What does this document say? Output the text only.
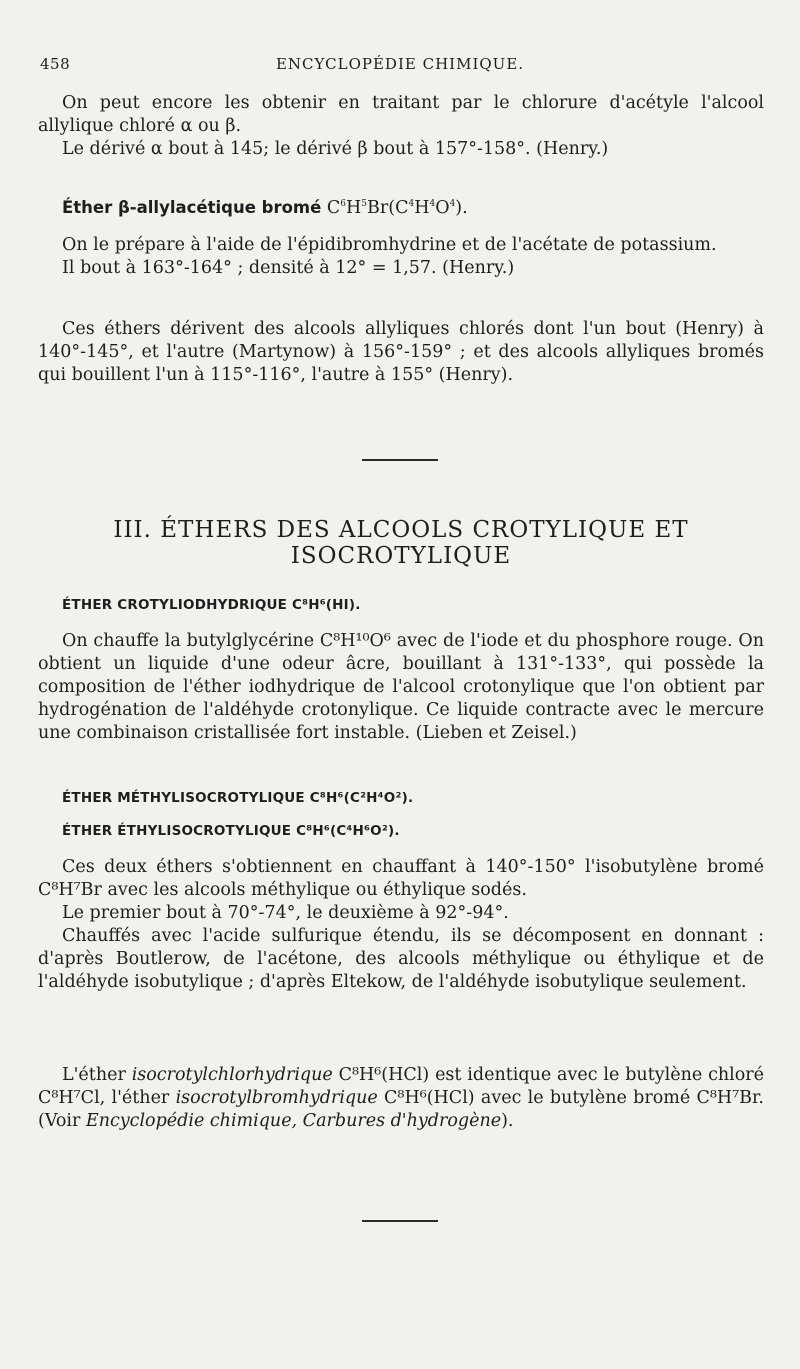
458	ENCYCLOPÉDIE CHIMIQUE.

On peut encore les obtenir en traitant par le chlorure d'acétyle l'alcool allylique chloré α ou β.

Le dérivé α bout à 145; le dérivé β bout à 157°-158°. (Henry.)

Éther β-allylacétique bromé $C^6H^5Br(C^4H^4O^4)$.

On le prépare à l'aide de l'épidibromhydrine et de l'acétate de potassium.

Il bout à 163°-164° ; densité à 12° = 1,57. (Henry.)

Ces éthers dérivent des alcools allyliques chlorés dont l'un bout (Henry) à 140°-145°, et l'autre (Martynow) à 156°-159° ; et des alcools allyliques bromés qui bouillent l'un à 115°-116°, l'autre à 155° (Henry).

III. ÉTHERS DES ALCOOLS CROTYLIQUE ET ISOCROTYLIQUE

ÉTHER CROTYLIODHYDRIQUE C⁸H⁶(HI).

On chauffe la butylglycérine C⁸H¹⁰O⁶ avec de l'iode et du phosphore rouge. On obtient un liquide d'une odeur âcre, bouillant à 131°-133°, qui possède la composition de l'éther iodhydrique de l'alcool crotonylique que l'on obtient par hydrogénation de l'aldéhyde crotonylique. Ce liquide contracte avec le mercure une combinaison cristallisée fort instable. (Lieben et Zeisel.)

ÉTHER MÉTHYLISOCROTYLIQUE C⁸H⁶(C²H⁴O²).

ÉTHER ÉTHYLISOCROTYLIQUE C⁸H⁶(C⁴H⁶O²).

Ces deux éthers s'obtiennent en chauffant à 140°-150° l'isobutylène bromé C⁸H⁷Br avec les alcools méthylique ou éthylique sodés.

Le premier bout à 70°-74°, le deuxième à 92°-94°.

Chauffés avec l'acide sulfurique étendu, ils se décomposent en donnant : d'après Boutlerow, de l'acétone, des alcools méthylique ou éthylique et de l'aldéhyde isobutylique ; d'après Eltekow, de l'aldéhyde isobutylique seulement.

L'éther isocrotylchlorhydrique C⁸H⁶(HCl) est identique avec le butylène chloré C⁸H⁷Cl, l'éther isocrotylbromhydrique C⁸H⁶(HCl) avec le butylène bromé C⁸H⁷Br. (Voir Encyclopédie chimique, Carbures d'hydrogène).
